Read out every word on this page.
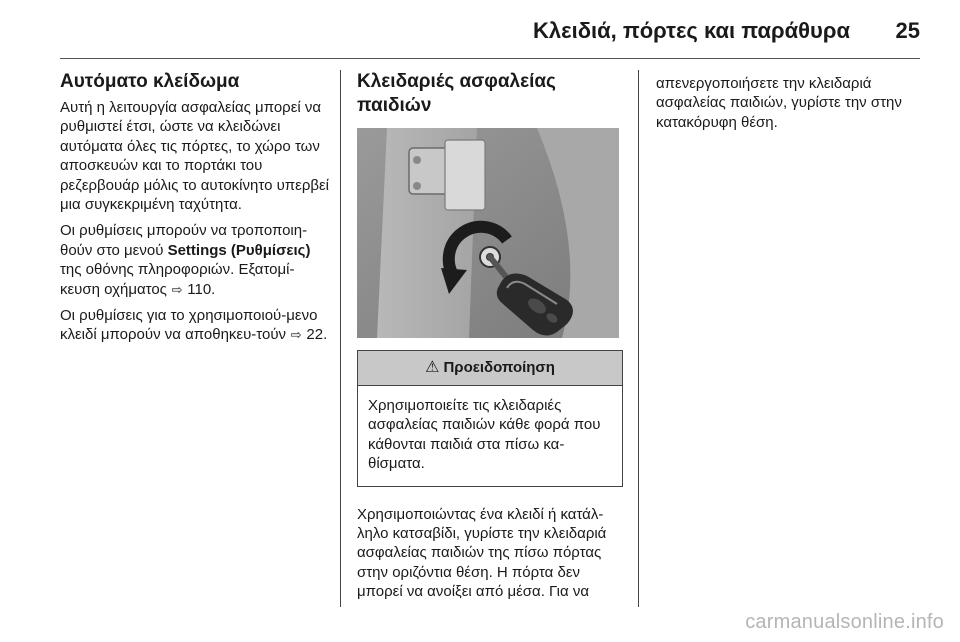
Κλειδιά, πόρτες και παράθυρα 25
Αυτόματο κλείδωμα

Αυτή η λειτουργία ασφαλείας μπορεί να ρυθμιστεί έτσι, ώστε να κλειδώνει αυτόματα όλες τις πόρτες, το χώρο των αποσκευών και το πορτάκι του ρεζερβουάρ μόλις το αυτοκίνητο υπερβεί μια συγκεκριμένη ταχύτητα.

Οι ρυθμίσεις μπορούν να τροποποιη-θούν στο μενού Settings (Ρυθμίσεις) της οθόνης πληροφοριών. Εξατομί-κευση οχήματος ⇨ 110.

Οι ρυθμίσεις για το χρησιμοποιού-μενο κλειδί μπορούν να αποθηκευ-τούν ⇨ 22.

Κλειδαριές ασφαλείας παιδιών
⚠ Προειδοποίηση
Χρησιμοποιείτε τις κλειδαριές ασφαλείας παιδιών κάθε φορά που κάθονται παιδιά στα πίσω κα-θίσματα.

Χρησιμοποιώντας ένα κλειδί ή κατάλ-ληλο κατσαβίδι, γυρίστε την κλειδαριά ασφαλείας παιδιών της πίσω πόρτας στην οριζόντια θέση. Η πόρτα δεν μπορεί να ανοίξει από μέσα. Για να

απενεργοποιήσετε την κλειδαριά ασφαλείας παιδιών, γυρίστε την στην κατακόρυφη θέση.

carmanualsonline.info
